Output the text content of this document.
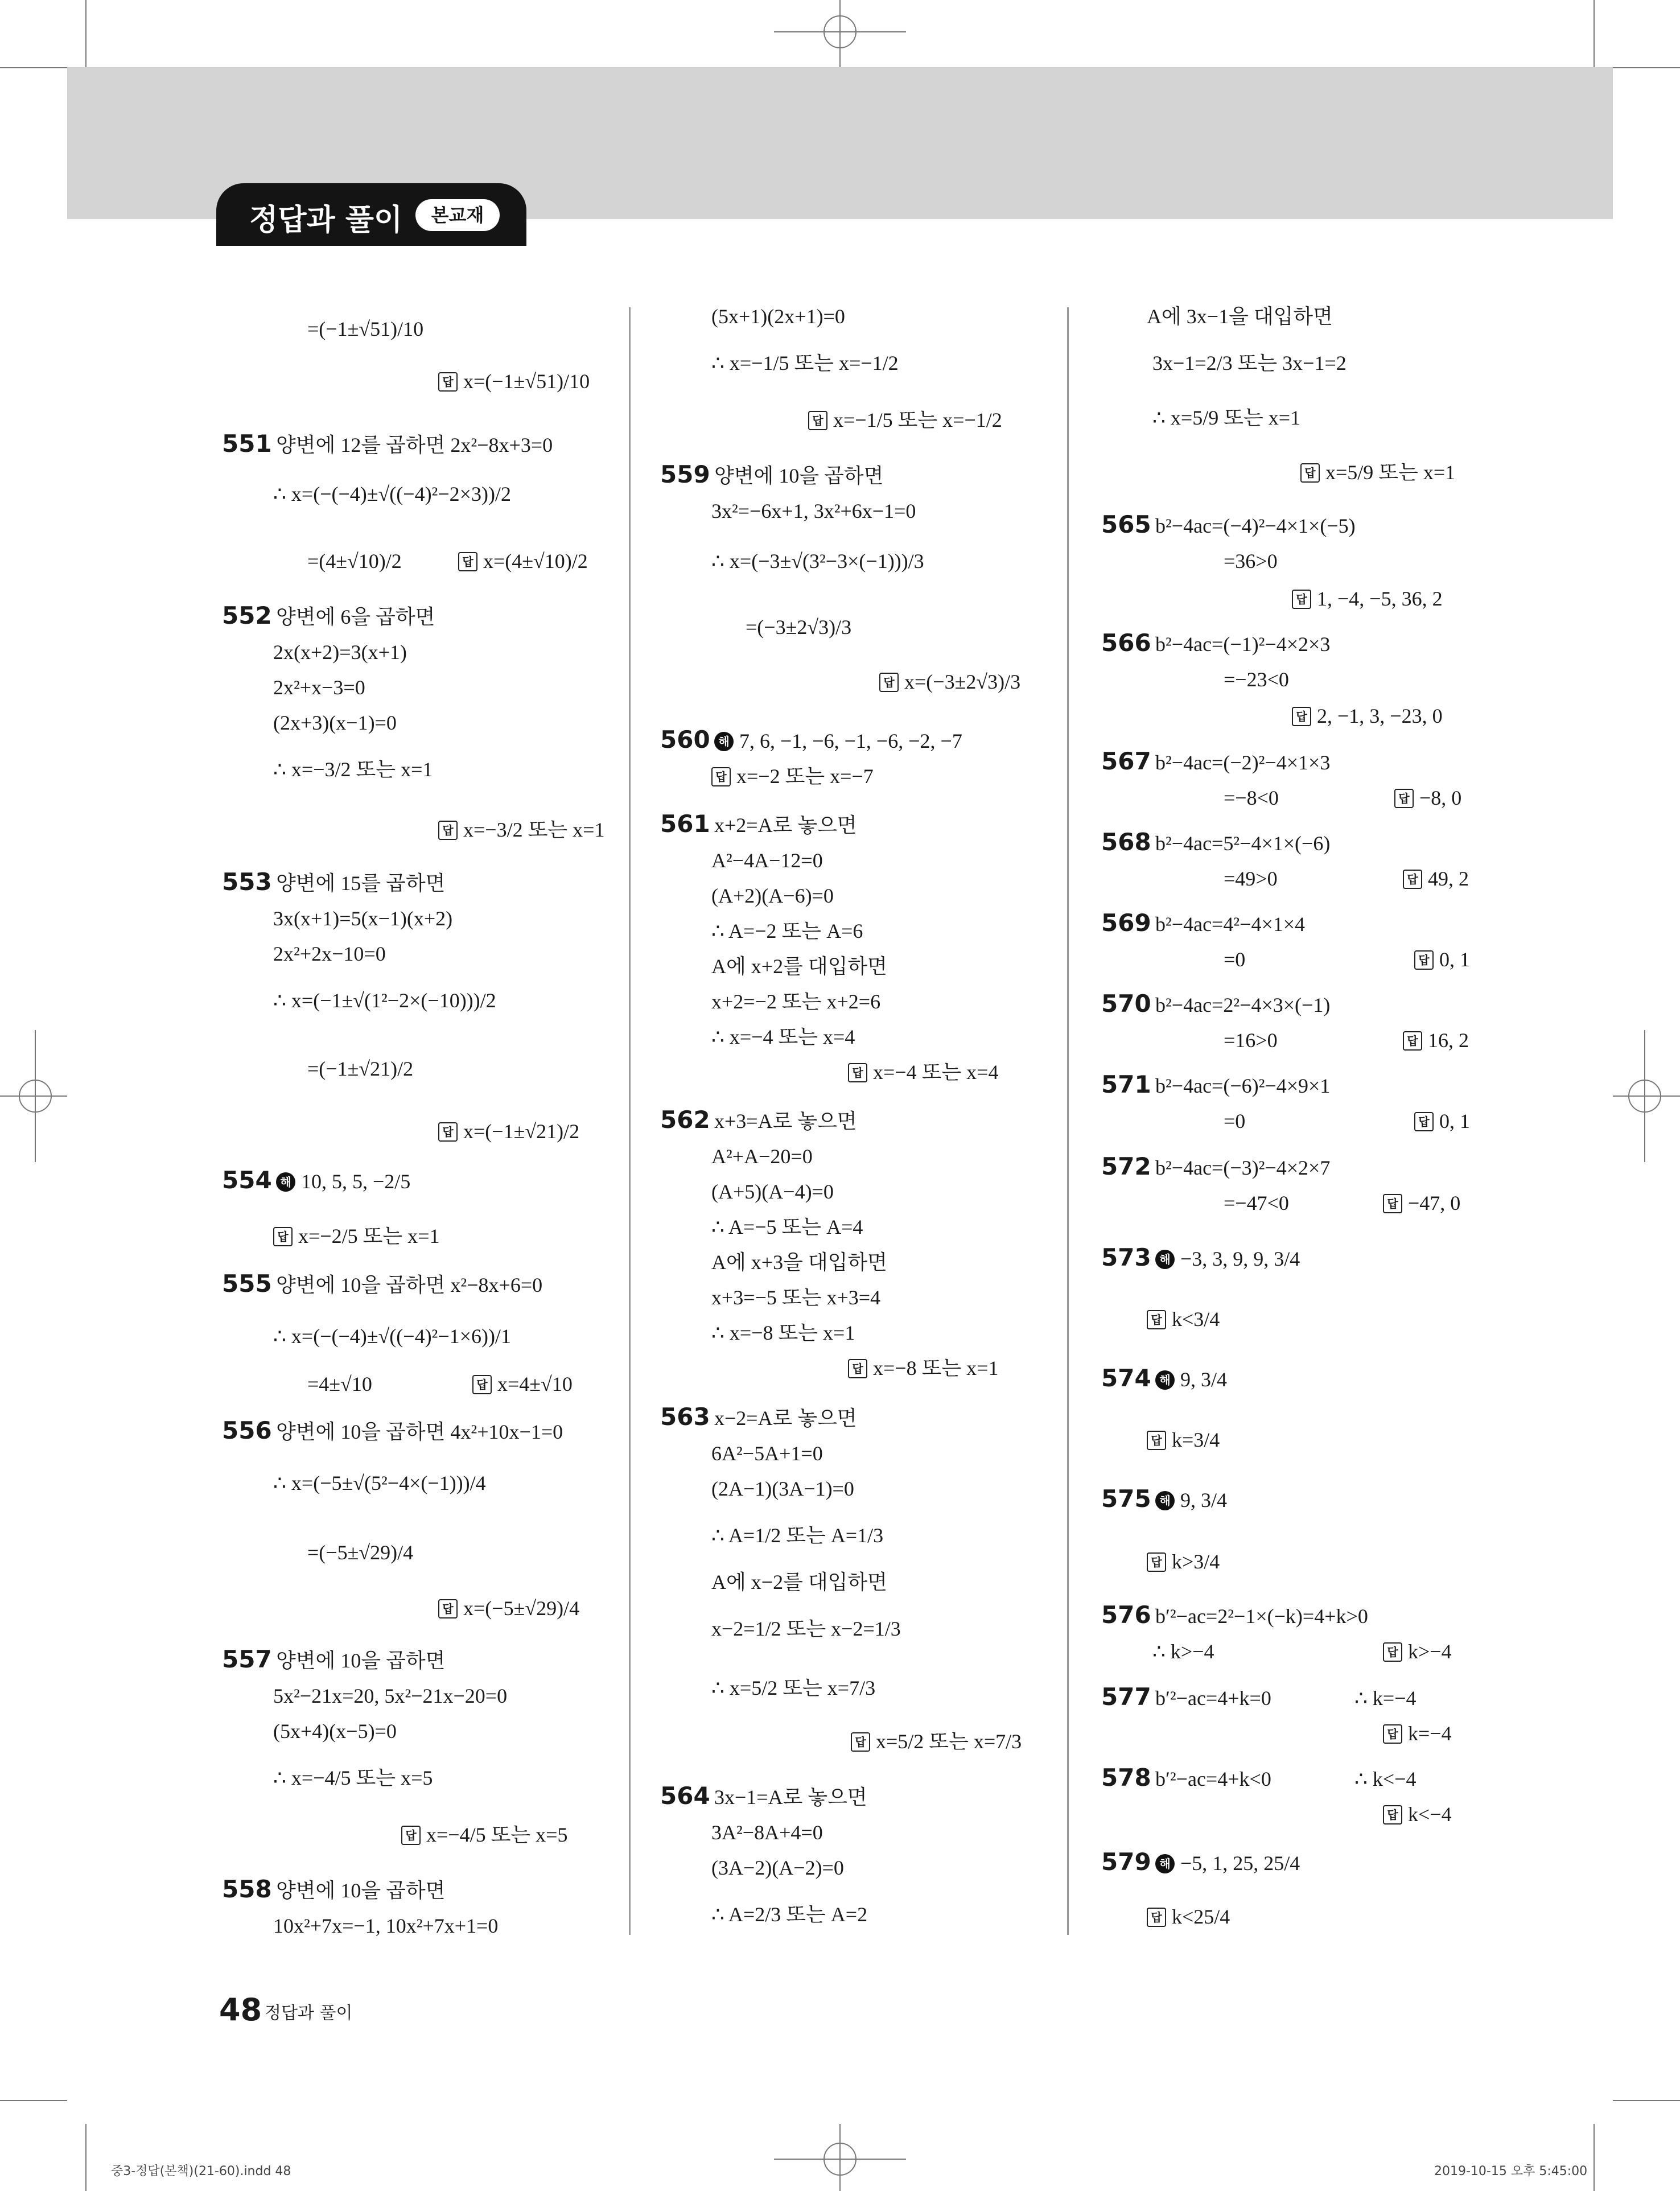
정답과 풀이	본교재
=(−1±√51)/10
답 x=(−1±√51)/10
551 양변에 12를 곱하면 2x²−8x+3=0
∴ x=(−(−4)±√((−4)²−2×3))/2
=(4±√10)/2	답 x=(4±√10)/2
552 양변에 6을 곱하면
2x(x+2)=3(x+1)
2x²+x−3=0
(2x+3)(x−1)=0
∴ x=−3/2 또는 x=1
답 x=−3/2 또는 x=1
553 양변에 15를 곱하면
3x(x+1)=5(x−1)(x+2)
2x²+2x−10=0
∴ x=(−1±√(1²−2×(−10)))/2
=(−1±√21)/2
답 x=(−1±√21)/2
554	해 10, 5, 5, −2/5
답 x=−2/5 또는 x=1
555 양변에 10을 곱하면 x²−8x+6=0
∴ x=(−(−4)±√((−4)²−1×6))/1
=4±√10	답 x=4±√10
556 양변에 10을 곱하면 4x²+10x−1=0
∴ x=(−5±√(5²−4×(−1)))/4
=(−5±√29)/4
답 x=(−5±√29)/4
557 양변에 10을 곱하면
5x²−21x=20, 5x²−21x−20=0
(5x+4)(x−5)=0
∴ x=−4/5 또는 x=5
답 x=−4/5 또는 x=5
558 양변에 10을 곱하면
10x²+7x=−1, 10x²+7x+1=0
(5x+1)(2x+1)=0
∴ x=−1/5 또는 x=−1/2
답 x=−1/5 또는 x=−1/2
559 양변에 10을 곱하면
3x²=−6x+1, 3x²+6x−1=0
∴ x=(−3±√(3²−3×(−1)))/3
=(−3±2√3)/3
답 x=(−3±2√3)/3
560	해 7, 6, −1, −6, −1, −6, −2, −7
답 x=−2 또는 x=−7
561 x+2=A로 놓으면
A²−4A−12=0
(A+2)(A−6)=0
∴ A=−2 또는 A=6
A에 x+2를 대입하면
x+2=−2 또는 x+2=6
∴ x=−4 또는 x=4
답 x=−4 또는 x=4
562 x+3=A로 놓으면
A²+A−20=0
(A+5)(A−4)=0
∴ A=−5 또는 A=4
A에 x+3을 대입하면
x+3=−5 또는 x+3=4
∴ x=−8 또는 x=1
답 x=−8 또는 x=1
563 x−2=A로 놓으면
6A²−5A+1=0
(2A−1)(3A−1)=0
∴ A=1/2 또는 A=1/3
A에 x−2를 대입하면
x−2=1/2 또는 x−2=1/3
∴ x=5/2 또는 x=7/3
답 x=5/2 또는 x=7/3
564 3x−1=A로 놓으면
3A²−8A+4=0
(3A−2)(A−2)=0
∴ A=2/3 또는 A=2
A에 3x−1을 대입하면
3x−1=2/3 또는 3x−1=2
∴ x=5/9 또는 x=1
답 x=5/9 또는 x=1
565 b²−4ac=(−4)²−4×1×(−5)
=36>0
답 1, −4, −5, 36, 2
566 b²−4ac=(−1)²−4×2×3
=−23<0
답 2, −1, 3, −23, 0
567 b²−4ac=(−2)²−4×1×3
=−8<0	답 −8, 0
568 b²−4ac=5²−4×1×(−6)
=49>0	답 49, 2
569 b²−4ac=4²−4×1×4
=0	답 0, 1
570 b²−4ac=2²−4×3×(−1)
=16>0	답 16, 2
571 b²−4ac=(−6)²−4×9×1
=0	답 0, 1
572 b²−4ac=(−3)²−4×2×7
=−47<0	답 −47, 0
573	해 −3, 3, 9, 9, 3/4
답 k<3/4
574	해 9, 3/4
답 k=3/4
575	해 9, 3/4
답 k>3/4
576 b′²−ac=2²−1×(−k)=4+k>0
∴ k>−4	답 k>−4
577 b′²−ac=4+k=0	∴ k=−4
답 k=−4
578 b′²−ac=4+k<0	∴ k<−4
답 k<−4
579	해 −5, 1, 25, 25/4
답 k<25/4
48 정답과 풀이
중3-정답(본책)(21-60).indd 48	2019-10-15 오후 5:45:00
